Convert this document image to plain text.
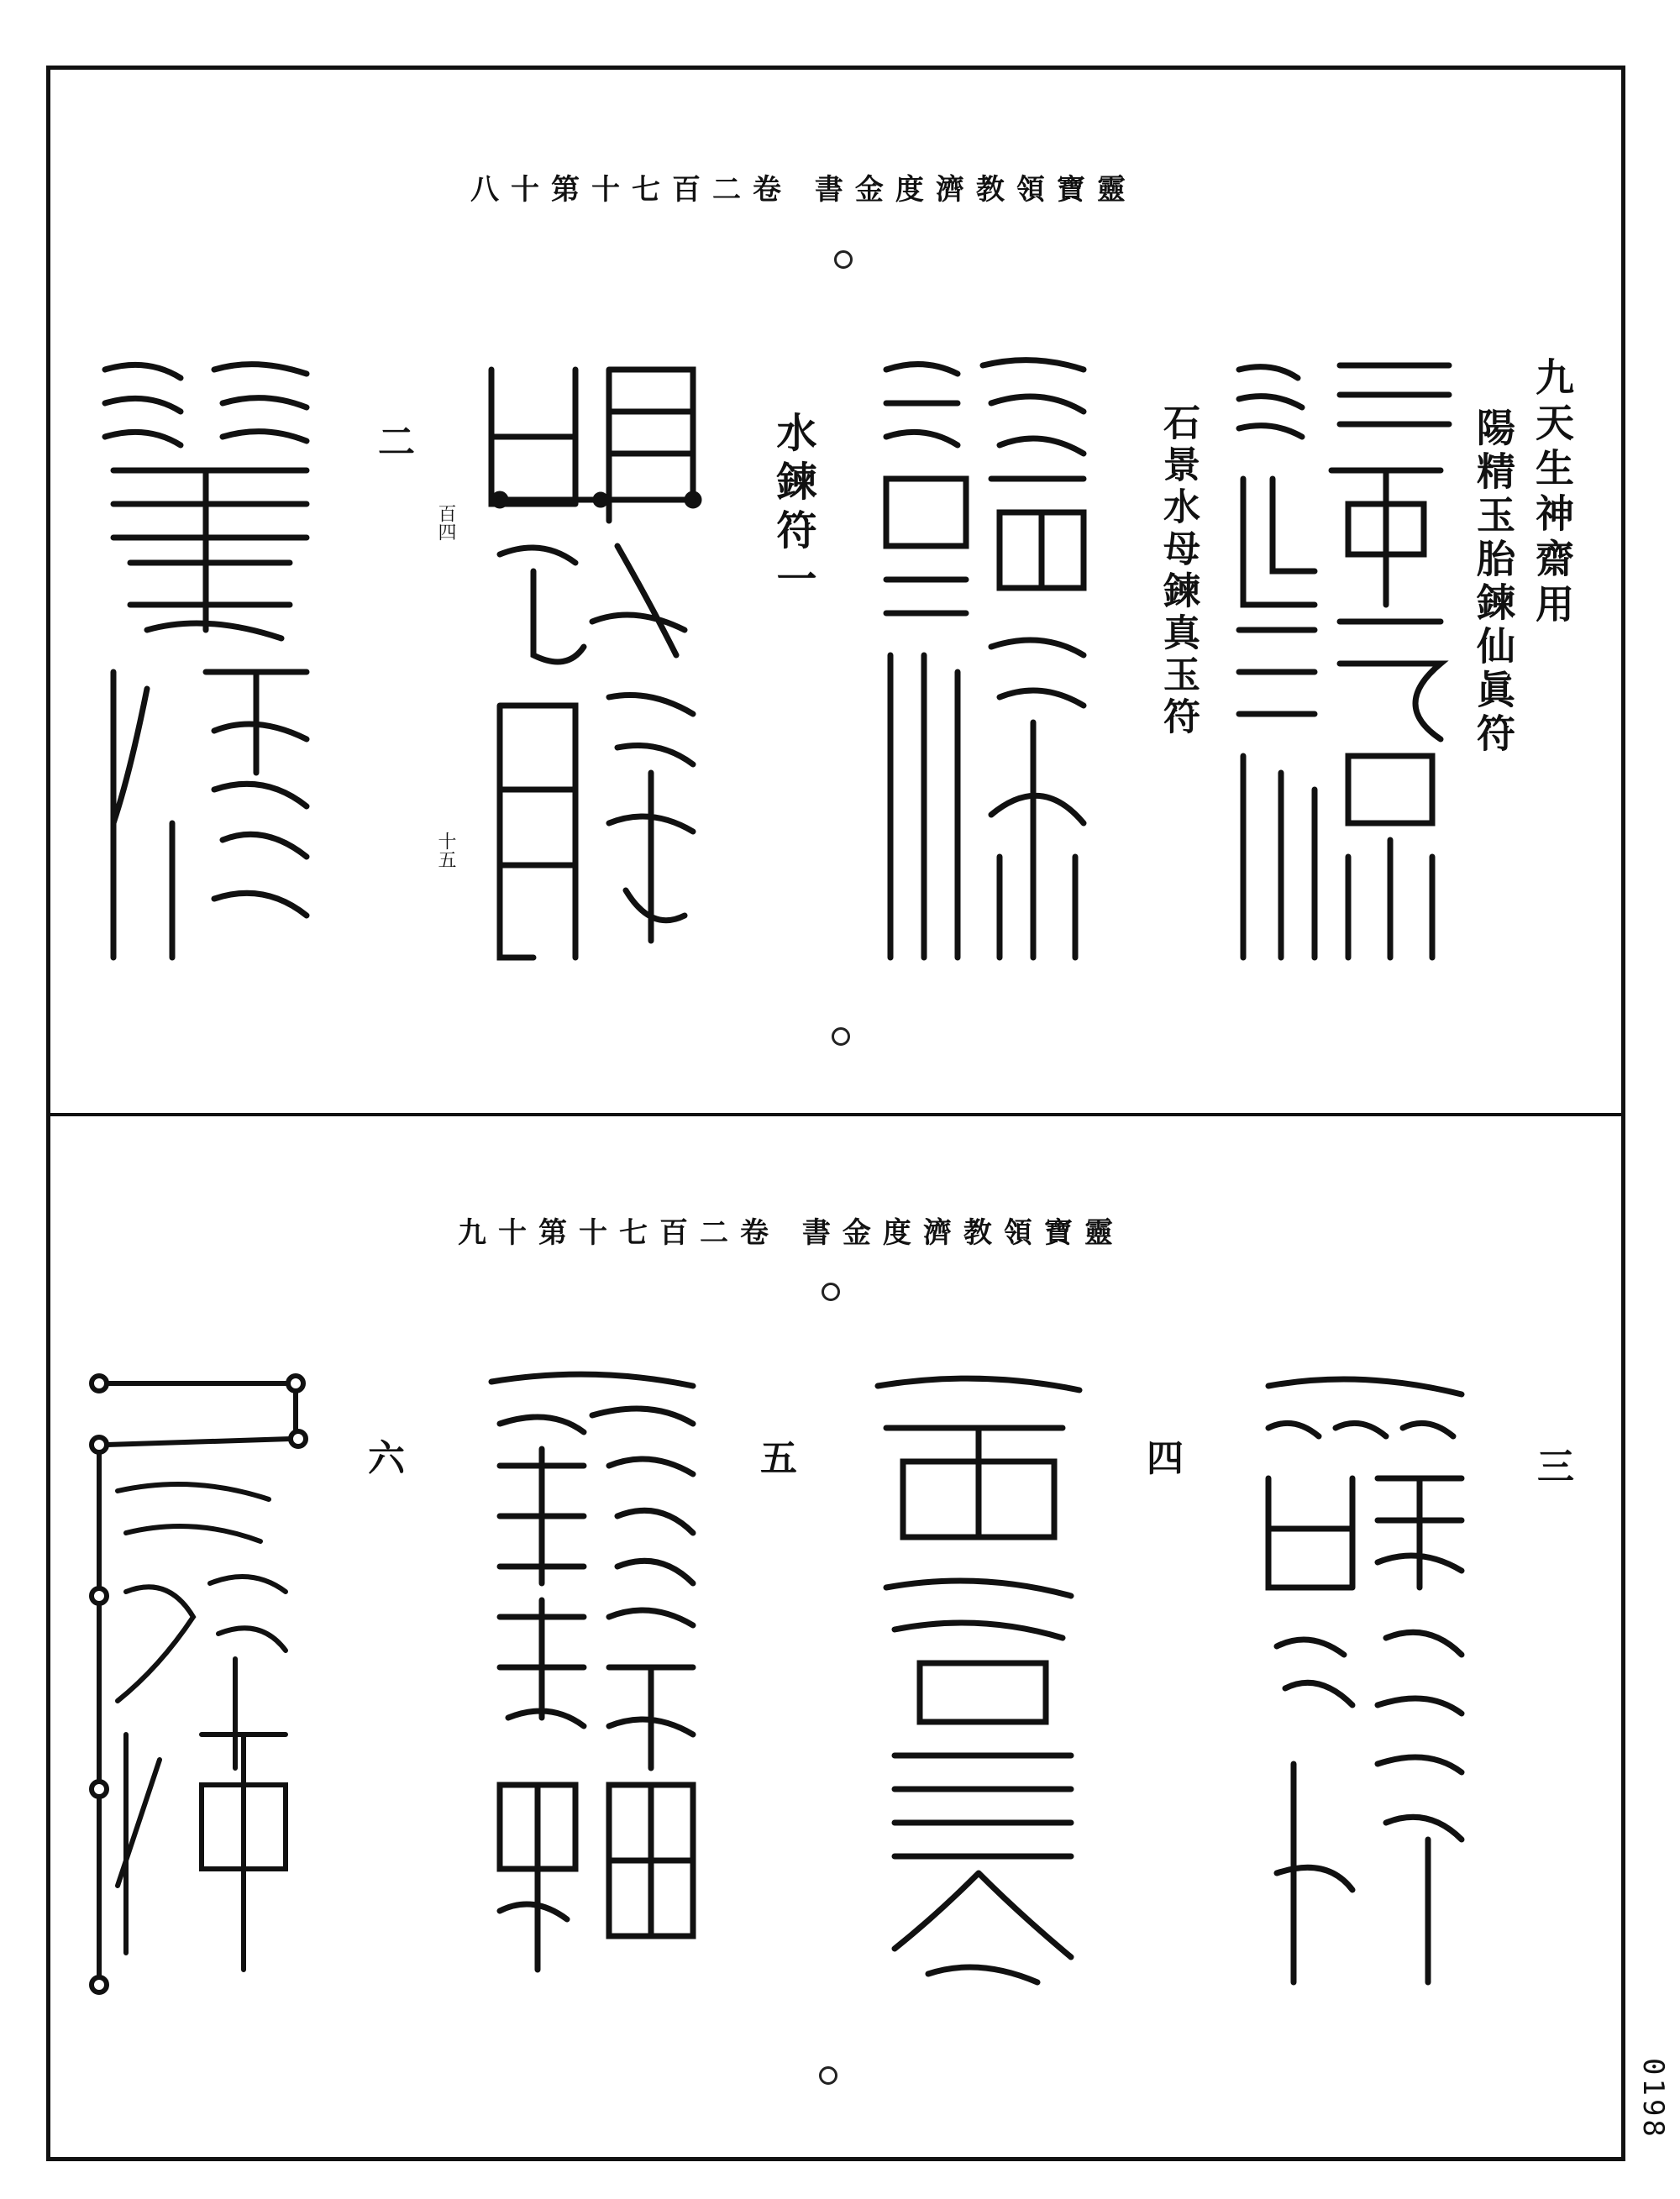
靈寶領教濟度金書 卷二百七十第十八
九天生神齋用
陽精玉胎鍊仙眞符
石景水母鍊真玉符
水鍊符一
二
百四
十五
靈寶領教濟度金書 卷二百七十第十九
三
四
五
六
0198
